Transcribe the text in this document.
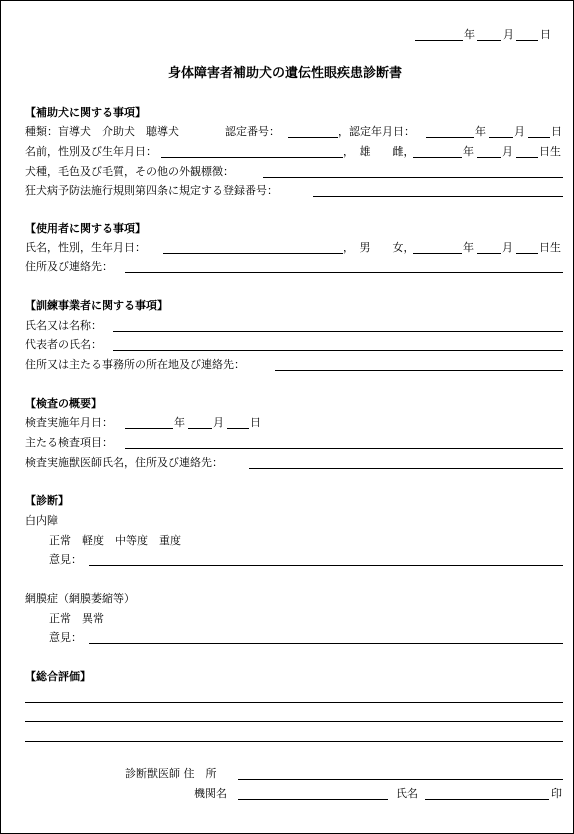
年	月 日
身体障害者補助犬の遺伝性眼疾患診断書
【補助犬に関する事項】
種類：盲導犬　介助犬　聴導犬	認定番号：	，認定年月日：	年	月 日
名前，性別及び生年月日：	，　雄　　雌，	年	月 日生
犬種，毛色及び毛質，その他の外観標徴：
狂犬病予防法施行規則第四条に規定する登録番号：
【使用者に関する事項】
氏名，性別，生年月日：	，　男　　女，	年	月 日生
住所及び連絡先：
【訓練事業者に関する事項】
氏名又は名称：
代表者の氏名：
住所又は主たる事務所の所在地及び連絡先：
【検査の概要】
検査実施年月日：	年	月 日
主たる検査項目：
検査実施獣医師氏名，住所及び連絡先：
【診断】
白内障
正常　軽度　中等度　重度
意見：
網膜症（網膜萎縮等）
正常　異常
意見：
【総合評価】
診断獣医師 住　所
機関名	氏名	印
